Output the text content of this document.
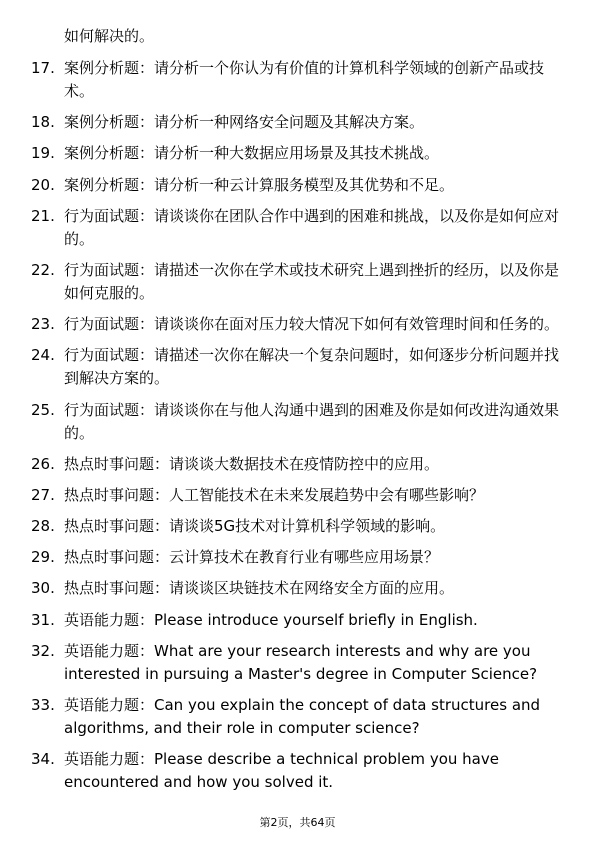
如何解决的。
17. 案例分析题：请分析一个你认为有价值的计算机科学领域的创新产品或技术。
18. 案例分析题：请分析一种网络安全问题及其解决方案。
19. 案例分析题：请分析一种大数据应用场景及其技术挑战。
20. 案例分析题：请分析一种云计算服务模型及其优势和不足。
21. 行为面试题：请谈谈你在团队合作中遇到的困难和挑战，以及你是如何应对的。
22. 行为面试题：请描述一次你在学术或技术研究上遇到挫折的经历，以及你是如何克服的。
23. 行为面试题：请谈谈你在面对压力较大情况下如何有效管理时间和任务的。
24. 行为面试题：请描述一次你在解决一个复杂问题时，如何逐步分析问题并找到解决方案的。
25. 行为面试题：请谈谈你在与他人沟通中遇到的困难及你是如何改进沟通效果的。
26. 热点时事问题：请谈谈大数据技术在疫情防控中的应用。
27. 热点时事问题：人工智能技术在未来发展趋势中会有哪些影响？
28. 热点时事问题：请谈谈5G技术对计算机科学领域的影响。
29. 热点时事问题：云计算技术在教育行业有哪些应用场景？
30. 热点时事问题：请谈谈区块链技术在网络安全方面的应用。
31. 英语能力题：Please introduce yourself briefly in English.
32. 英语能力题：What are your research interests and why are you interested in pursuing a Master's degree in Computer Science?
33. 英语能力题：Can you explain the concept of data structures and algorithms, and their role in computer science?
34. 英语能力题：Please describe a technical problem you have encountered and how you solved it.
第2页，共64页
